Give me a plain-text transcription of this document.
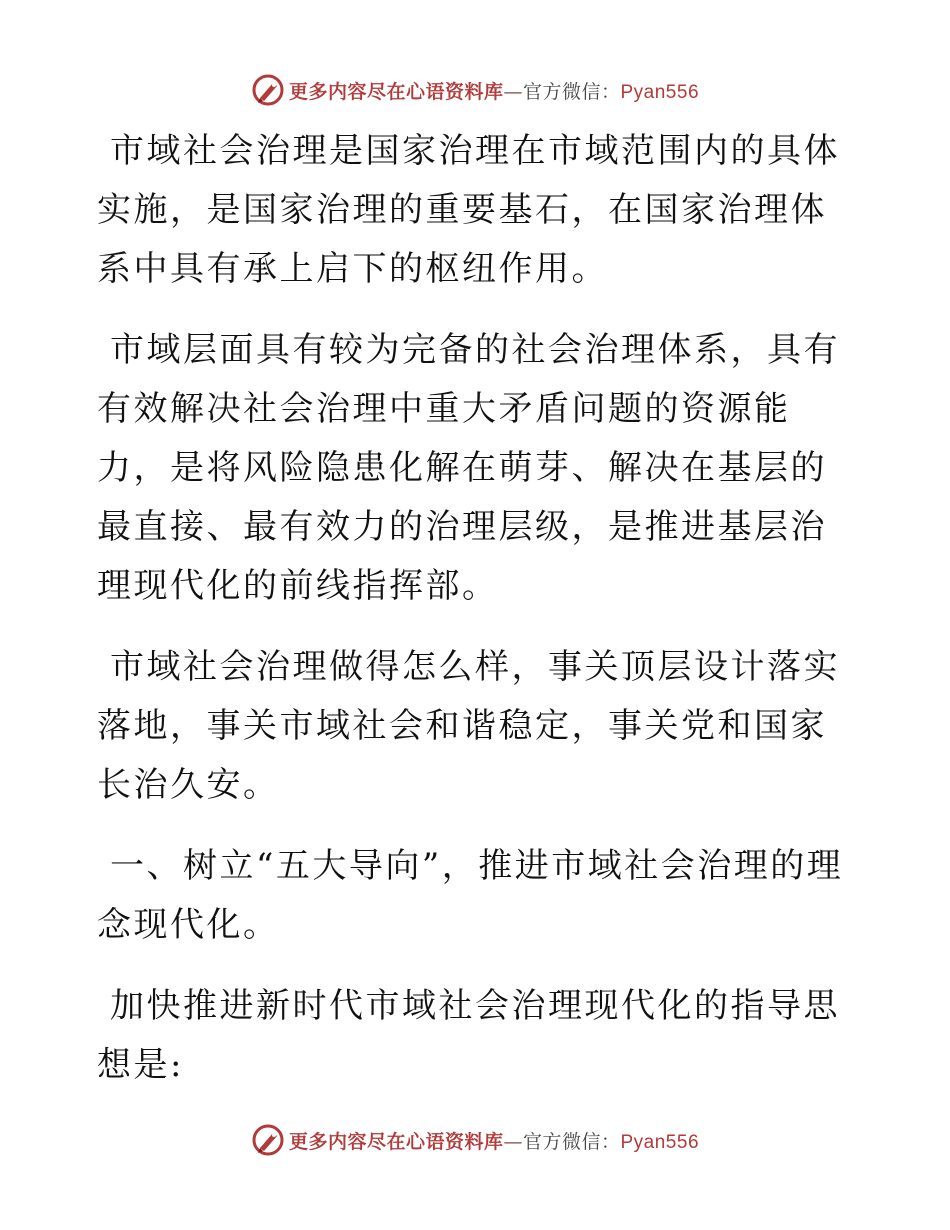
更多内容尽在心语资料库—官方微信：Pyan556

市域社会治理是国家治理在市域范围内的具体实施，是国家治理的重要基石，在国家治理体系中具有承上启下的枢纽作用。

市域层面具有较为完备的社会治理体系，具有有效解决社会治理中重大矛盾问题的资源能力，是将风险隐患化解在萌芽、解决在基层的最直接、最有效力的治理层级，是推进基层治理现代化的前线指挥部。

市域社会治理做得怎么样，事关顶层设计落实落地，事关市域社会和谐稳定，事关党和国家长治久安。

一、树立“五大导向”，推进市域社会治理的理念现代化。

加快推进新时代市域社会治理现代化的指导思想是:

更多内容尽在心语资料库—官方微信：Pyan556
